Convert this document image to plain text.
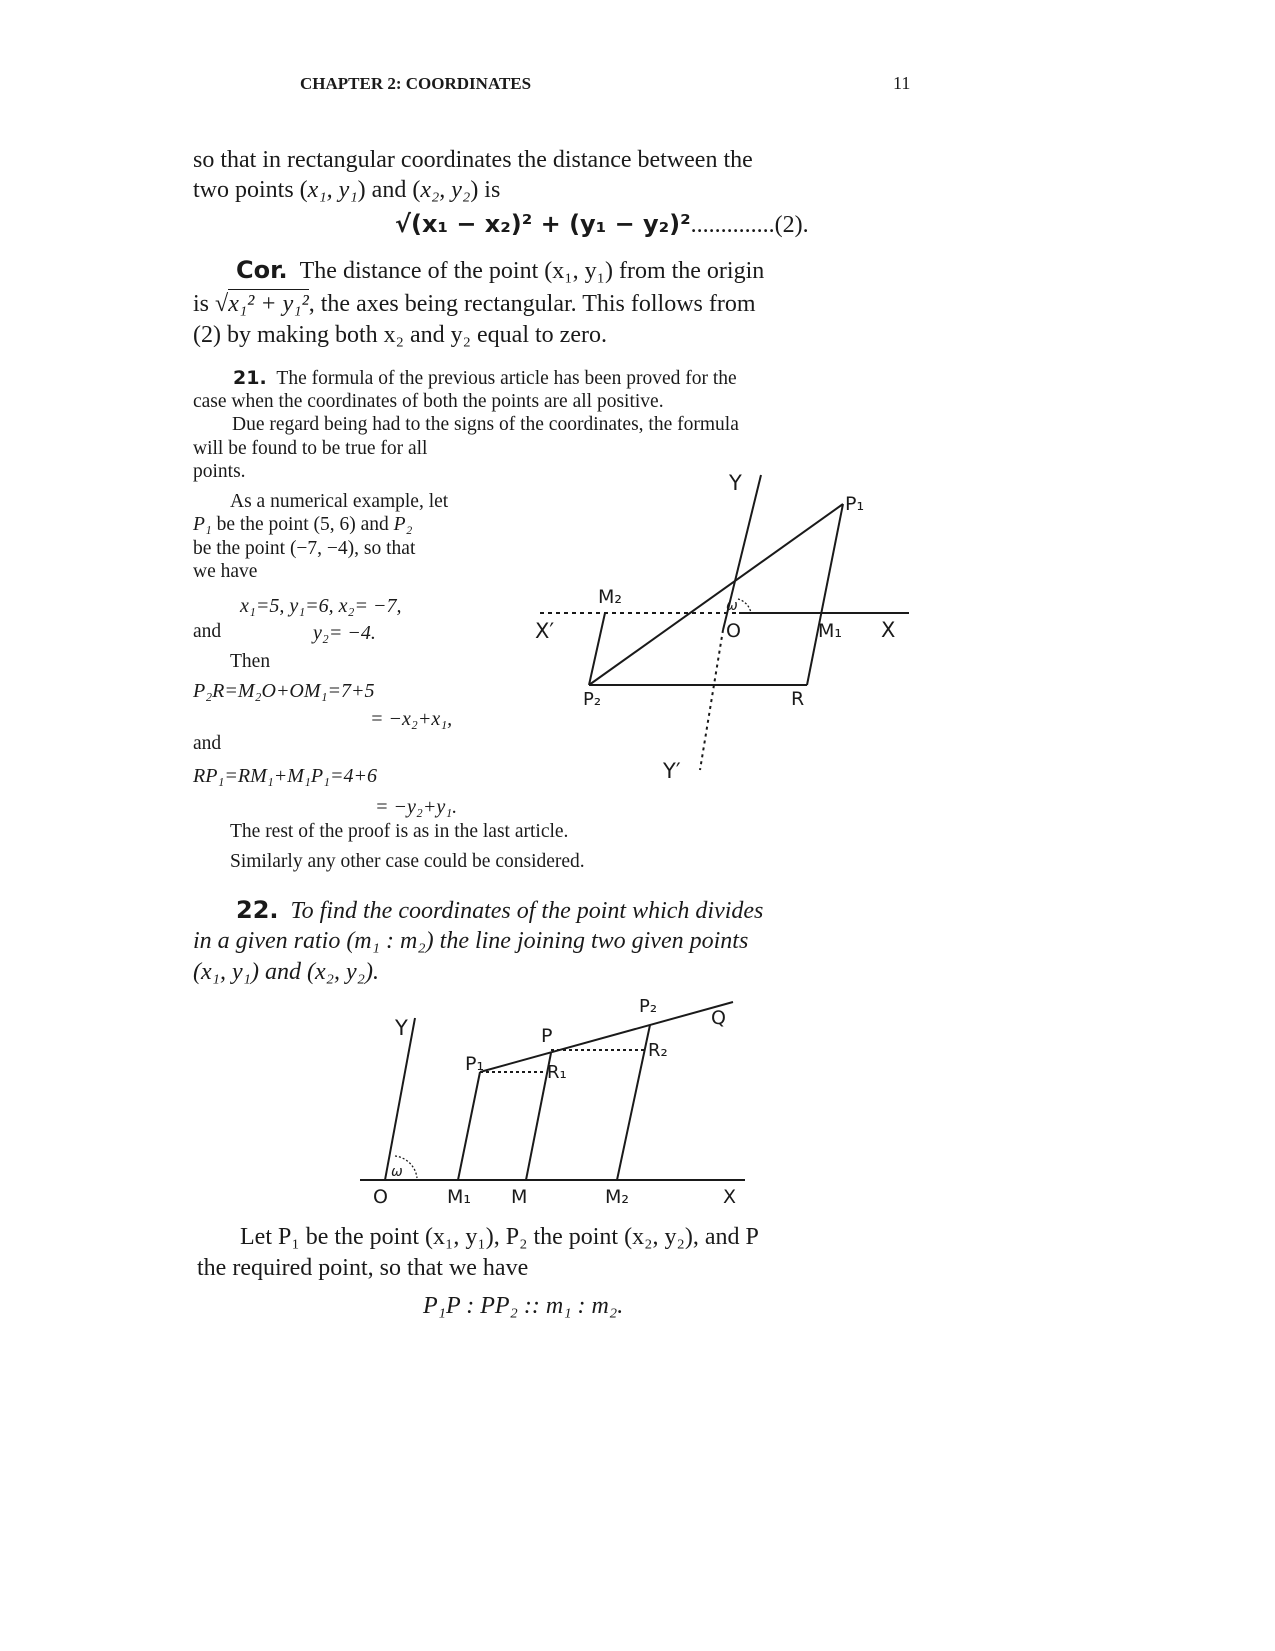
CHAPTER 2: COORDINATES	11
so that in rectangular coordinates the distance between the
two points (x₁, y₁) and (x₂, y₂) is
√(x₁ − x₂)² + (y₁ − y₂)²..............(2).
Cor. The distance of the point (x₁, y₁) from the origin
is √x₁² + y₁², the axes being rectangular. This follows from
(2) by making both x₂ and y₂ equal to zero.
21. The formula of the previous article has been proved for the
case when the coordinates of both the points are all positive.
Due regard being had to the signs of the coordinates, the formula
will be found to be true for all
points.
As a numerical example, let
P₁ be the point (5, 6) and P₂
be the point (−7, −4), so that
we have
x₁=5, y₁=6, x₂= −7,
and	y₂= −4.
Then
P₂R=M₂O+OM₁=7+5
= −x₂+x₁,
and
RP₁=RM₁+M₁P₁=4+6
= −y₂+y₁.
The rest of the proof is as in the last article.
Similarly any other case could be considered.
Y
P₁
M₂	ω
X′	O	M₁ X
P₂	R
Y′
22. To find the coordinates of the point which divides
in a given ratio (m₁ : m₂) the line joining two given points
(x₁, y₁) and (x₂, y₂).
Y
P₁
P
P₂
Q
R₁
R₂
ω
O	M₁ M	M₂	X
Let P₁ be the point (x₁, y₁), P₂ the point (x₂, y₂), and P
the required point, so that we have
P₁P : PP₂ :: m₁ : m₂.
